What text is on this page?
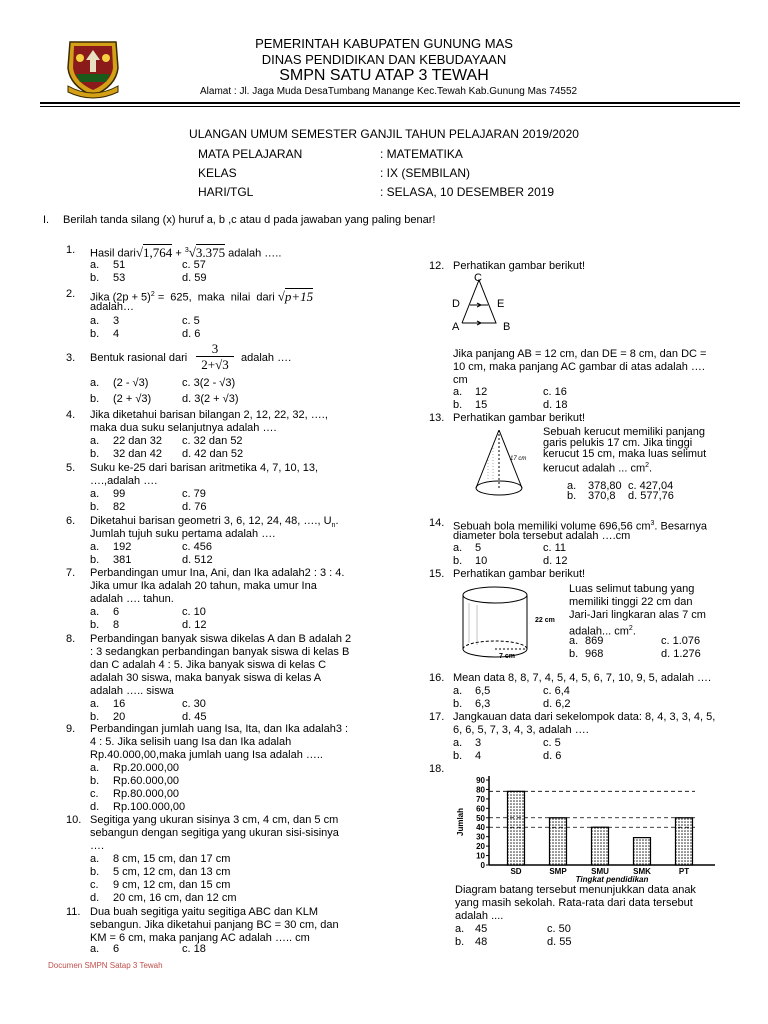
PEMERINTAH KABUPATEN GUNUNG MAS
DINAS PENDIDIKAN DAN KEBUDAYAAN
SMPN SATU ATAP 3 TEWAH
Alamat : Jl. Jaga Muda DesaTumbang Manange Kec.Tewah Kab.Gunung Mas 74552
ULANGAN UMUM SEMESTER GANJIL TAHUN PELAJARAN 2019/2020
MATA PELAJARAN	: MATEMATIKA
KELAS	: IX (SEMBILAN)
HARI/TGL	: SELASA, 10 DESEMBER 2019
I. Berilah tanda silang (x) huruf a, b ,c atau d pada jawaban yang paling benar!
1. Hasil dari√1,764 + $^3$√3.375 adalah …..
a. 51	c. 57
b. 53	d. 59
2. Jika $(2p + 5)^2 = 625$, maka nilai dari √p+15
adalah…
a. 3	c. 5
b. 4	d. 6
3. Bentuk rasional dari $\frac{3}{2+√3}$ adalah ….
a. (2 - √3)	c. 3(2 - √3)
b. (2 + √3)	d. 3(2 + √3)
4. Jika diketahui barisan bilangan 2, 12, 22, 32, ….,
maka dua suku selanjutnya adalah ….
a. 22 dan 32 c. 32 dan 52
b. 32 dan 42 d. 42 dan 52
5. Suku ke-25 dari barisan aritmetika 4, 7, 10, 13,
….,adalah ….
a. 99	c. 79
b. 82	d. 76
6. Diketahui barisan geometri 3, 6, 12, 24, 48, …., $U_n$.
Jumlah tujuh suku pertama adalah ….
a. 192	c. 456
b. 381	d. 512
7. Perbandingan umur Ina, Ani, dan Ika adalah2 : 3 : 4.
Jika umur Ika adalah 20 tahun, maka umur Ina
adalah …. tahun.
a. 6	c. 10
b. 8	d. 12
8. Perbandingan banyak siswa dikelas A dan B adalah 2
: 3 sedangkan perbandingan banyak siswa di kelas B
dan C adalah 4 : 5. Jika banyak siswa di kelas C
adalah 30 siswa, maka banyak siswa di kelas A
adalah ….. siswa
a. 16	c. 30
b. 20	d. 45
9. Perbandingan jumlah uang Isa, Ita, dan Ika adalah3 :
4 : 5. Jika selisih uang Isa dan Ika adalah
Rp.40.000,00,maka jumlah uang Isa adalah …..
a. Rp.20.000,00
b. Rp.60.000,00
c. Rp.80.000,00
d. Rp.100.000,00
10. Segitiga yang ukuran sisinya 3 cm, 4 cm, dan 5 cm
sebangun dengan segitiga yang ukuran sisi-sisinya
….
a. 8 cm, 15 cm, dan 17 cm
b. 5 cm, 12 cm, dan 13 cm
c. 9 cm, 12 cm, dan 15 cm
d. 20 cm, 16 cm, dan 12 cm
11. Dua buah segitiga yaitu segitiga ABC dan KLM
sebangun. Jika diketahui panjang BC = 30 cm, dan
KM = 6 cm, maka panjang AC adalah ….. cm
a. 6	c. 18
12. Perhatikan gambar berikut!
C
D	E
A	B
Jika panjang AB = 12 cm, dan DE = 8 cm, dan DC =
10 cm, maka panjang AC gambar di atas adalah ….
cm
a. 12	c. 16
b. 15	d. 18
13. Perhatikan gambar berikut!
17 cm
Sebuah kerucut memiliki panjang
garis pelukis 17 cm. Jika tinggi
kerucut 15 cm, maka luas selimut
kerucut adalah ... $cm^2$.
a. 378,80 c. 427,04
b. 370,8 d. 577,76
14. Sebuah bola memiliki volume 696,56 $cm^3$. Besarnya
diameter bola tersebut adalah ….cm
a. 5	c. 11
b. 10	d. 12
15. Perhatikan gambar berikut!
22 cm
7 cm
Luas selimut tabung yang
memiliki tinggi 22 cm dan
Jari-Jari lingkaran alas 7 cm
adalah... $cm^2$.
a. 869	c. 1.076
b. 968	d. 1.276
16. Mean data 8, 8, 7, 4, 5, 4, 5, 6, 7, 10, 9, 5, adalah ….
a. 6,5	c. 6,4
b. 6,3	d. 6,2
17. Jangkauan data dari sekelompok data: 8, 4, 3, 3, 4, 5,
6, 6, 5, 7, 3, 4, 3, adalah ….
a. 3	c. 5
b. 4	d. 6
18.
90
80
70
60
50
40
30
20
10
0
Jumlah
SD	SMP	SMU	SMK	PT
Tingkat pendidikan
Diagram batang tersebut menunjukkan data anak
yang masih sekolah. Rata-rata dari data tersebut
adalah ....
a. 45	c. 50
b. 48	d. 55
Documen SMPN Satap 3 Tewah
